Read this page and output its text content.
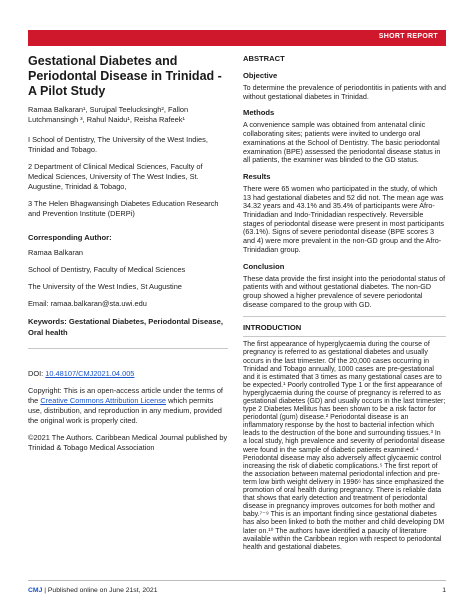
SHORT REPORT
Gestational Diabetes and Periodontal Disease in Trinidad - A Pilot Study

Ramaa Balkaran¹, Surujpal Teelucksingh², Fallon Lutchmansingh ³, Rahul Naidu¹, Reisha Rafeek¹

I School of Dentistry, The University of the West Indies, Trinidad and Tobago.

2 Department of Clinical Medical Sciences, Faculty of Medical Sciences, University of The West Indies, St. Augustine, Trinidad & Tobago,

3 The Helen Bhagwansingh Diabetes Education Research and Prevention Institute (DERPi)

Corresponding Author:

Ramaa Balkaran

School of Dentistry, Faculty of Medical Sciences

The University of the West Indies, St Augustine

Email: ramaa.balkaran@sta.uwi.edu

Keywords: Gestational Diabetes, Periodontal Disease, Oral health

DOI: 10.48107/CMJ2021.04.005

Copyright: This is an open-access article under the terms of the Creative Commons Attribution License which permits use, distribution, and reproduction in any medium, provided the original work is properly cited.

©2021 The Authors. Caribbean Medical Journal published by Trinidad & Tobago Medical Association

ABSTRACT
Objective

To determine the prevalence of periodontitis in patients with and without gestational diabetes in Trinidad.

Methods

A convenience sample was obtained from antenatal clinic collaborating sites; patients were invited to undergo oral examinations at the School of Dentistry. The basic periodontal examination (BPE) assessed the periodontal disease status in all patients, the examiner was blinded to the GD status.

Results

There were 65 women who participated in the study, of which 13 had gestational diabetes and 52 did not. The mean age was 34.32 years and 43.1% and 35.4% of participants were Afro-Trinidadian and Indo-Trinidadian respectively. Reversible stages of periodontal disease were present in most participants (63.1%). Signs of severe periodontal disease (BPE scores 3 and 4) were more prevalent in the non-GD group and the Afro-Trinidadian group.

Conclusion

These data provide the first insight into the periodontal status of patients with and without gestational diabetes. The non-GD group showed a higher prevalence of severe periodontal disease compared to the group with GD.

INTRODUCTION

The first appearance of hyperglycaemia during the course of pregnancy is referred to as gestational diabetes and usually occurs in the last trimester. Of the 20,000 cases occurring in Trinidad and Tobago annually, 1000 cases are pre-gestational and it is estimated that 3 times as many gestational cases are to be expected.¹ Poorly controlled Type 1 or the first appearance of hyperglycaemia during the course of pregnancy is referred to as gestational diabetes (GD) and usually occurs in the last trimester; type 2 Diabetes Mellitus has been shown to be a risk factor for periodontal (gum) disease.² Periodontal disease is an inflammatory response by the host to bacterial infection which leads to the destruction of the bone and surrounding tissues.³ In a local study, high prevalence and severity of periodontal disease were found in the sample of diabetic patients examined.⁴ Periodontal disease may also adversely affect glycaemic control increasing the risk of diabetic complications.⁵ The first report of the association between maternal periodontal infection and pre-term low birth weight delivery in 1996⁶ has since emphasized the promotion of oral health during pregnancy. There is reliable data that shows that early detection and treatment of periodontal disease in pregnancy improves outcomes for both mother and baby.⁷⁻⁹ This is an important finding since gestational diabetes has also been linked to both the mother and child developing DM later on.¹⁰ The authors have identified a paucity of literature available within the Caribbean region with respect to periodontal health and gestational diabetes.

CMJ | Published online on June 21st, 2021	1
